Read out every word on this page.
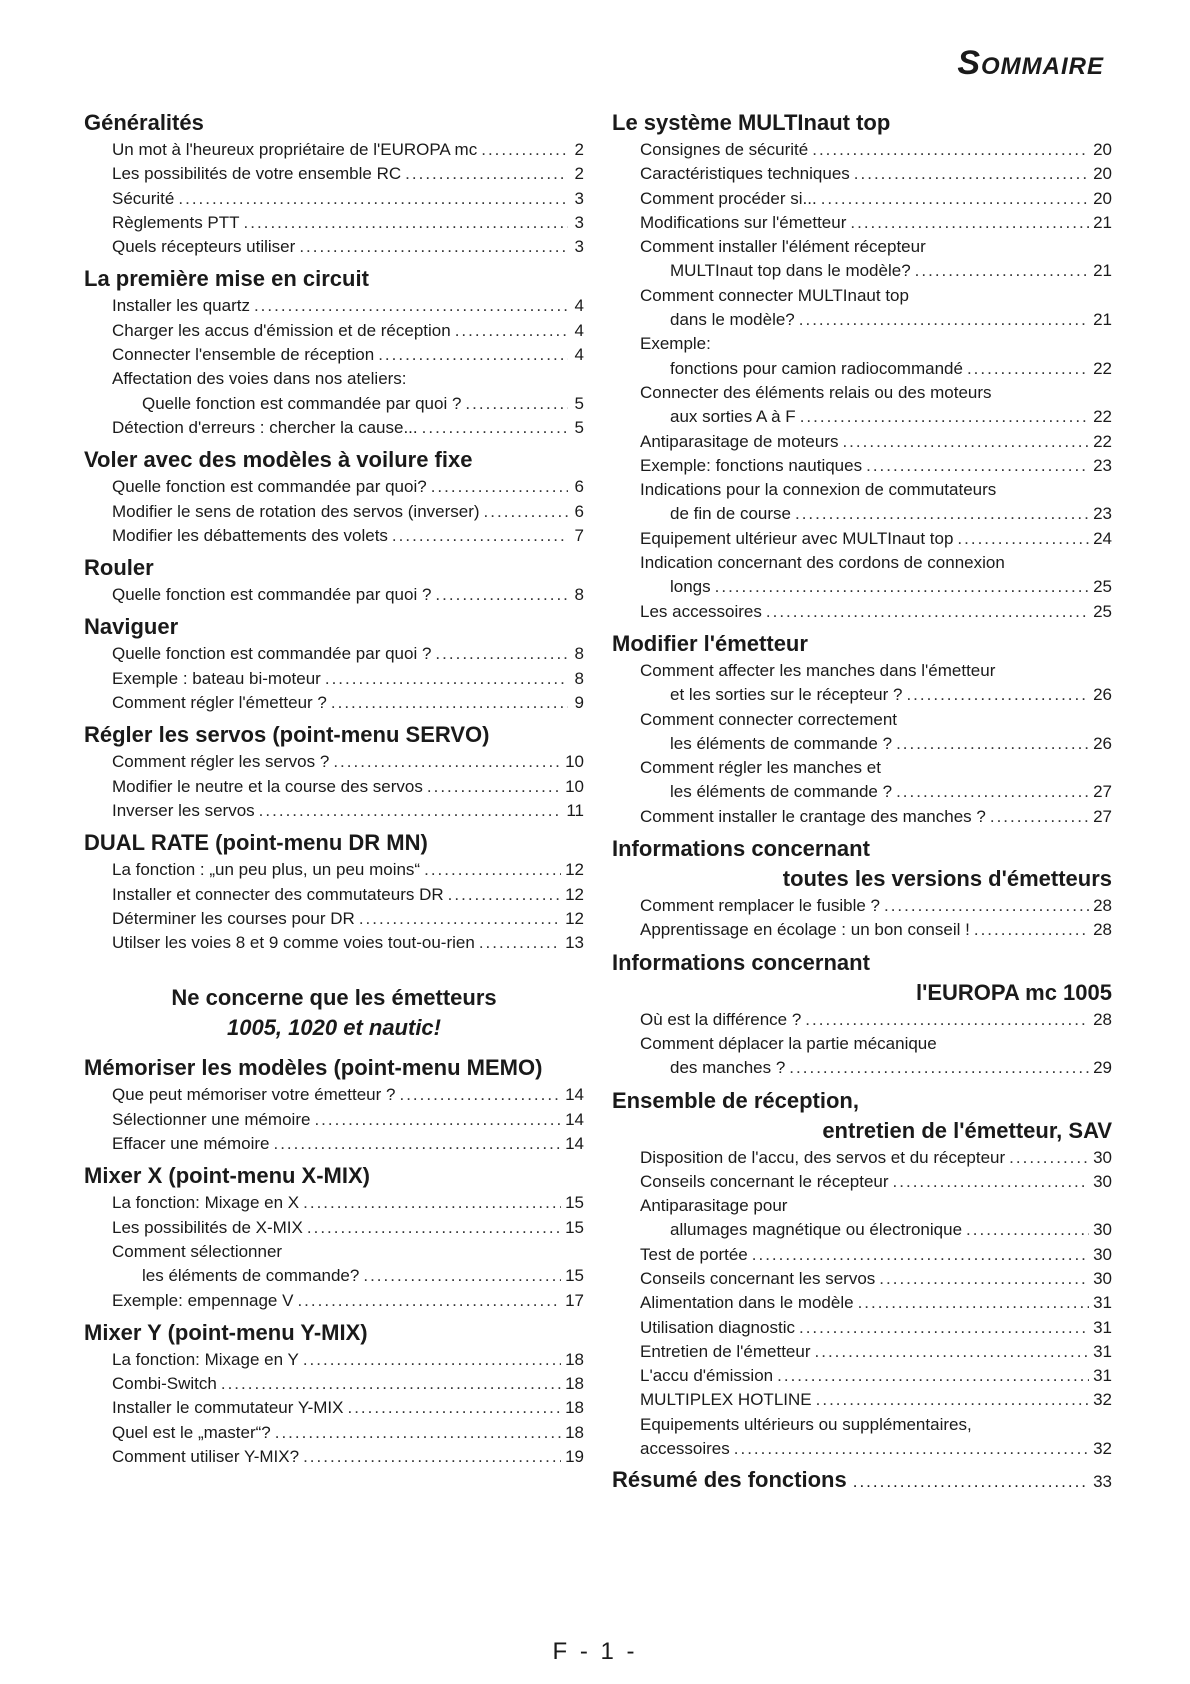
Sommaire
Généralités
Un mot à l'heureux propriétaire de l'EUROPA mc .....	2
Les possibilités de votre ensemble RC .....	2
Sécurité .....	3
Règlements PTT .....	3
Quels récepteurs utiliser .....	3
La première mise en circuit
Installer les quartz .....	4
Charger les accus d'émission et de réception .....	4
Connecter l'ensemble de réception .....	4
Affectation des voies dans nos ateliers:
Quelle fonction est commandée par quoi ? .....	5
Détection d'erreurs : chercher la cause... .....	5
Voler avec des modèles à voilure fixe
Quelle fonction est commandée par quoi? .....	6
Modifier le sens de rotation des servos (inverser) .....	6
Modifier les débattements des volets .....	7
Rouler
Quelle fonction est commandée par quoi ? .....	8
Naviguer
Quelle fonction est commandée par quoi ? .....	8
Exemple : bateau bi-moteur .....	8
Comment régler l'émetteur ? .....	9
Régler les servos (point-menu SERVO)
Comment régler les servos ? .....	10
Modifier le neutre et la course des servos .....	10
Inverser les servos .....	11
DUAL RATE (point-menu DR MN)
La fonction : „un peu plus, un peu moins“ .....	12
Installer et connecter des commutateurs DR .....	12
Déterminer les courses pour DR .....	12
Utilser les voies 8 et 9 comme voies tout-ou-rien .....	13
Ne concerne que les émetteurs
1005, 1020 et nautic!
Mémoriser les modèles (point-menu MEMO)
Que peut mémoriser votre émetteur ? .....	14
Sélectionner une mémoire .....	14
Effacer une mémoire .....	14
Mixer X (point-menu X-MIX)
La fonction: Mixage en X .....	15
Les possibilités de X-MIX .....	15
Comment sélectionner
les éléments de commande? .....	15
Exemple: empennage V .....	17
Mixer Y (point-menu Y-MIX)
La fonction: Mixage en Y .....	18
Combi-Switch .....	18
Installer le commutateur Y-MIX .....	18
Quel est le „master“? .....	18
Comment utiliser Y-MIX? .....	19
Le système MULTInaut top
Consignes de sécurité .....	20
Caractéristiques techniques .....	20
Comment procéder si... .....	20
Modifications sur l'émetteur .....	21
Comment installer l'élément récepteur
MULTInaut top dans le modèle? .....	21
Comment connecter MULTInaut top
dans le modèle? .....	21
Exemple:
fonctions pour camion radiocommandé .....	22
Connecter des éléments relais ou des moteurs
aux sorties A à F .....	22
Antiparasitage de moteurs .....	22
Exemple: fonctions nautiques .....	23
Indications pour la connexion de commutateurs
de fin de course .....	23
Equipement ultérieur avec MULTInaut top .....	24
Indication concernant des cordons de connexion
longs .....	25
Les accessoires .....	25
Modifier l'émetteur
Comment affecter les manches dans l'émetteur
et les sorties sur le récepteur ? .....	26
Comment connecter correctement
les éléments de commande ? .....	26
Comment régler les manches et
les éléments de commande ? .....	27
Comment installer le crantage des manches ? .....	27
Informations concernant
toutes les versions d'émetteurs
Comment remplacer le fusible ? .....	28
Apprentissage en écolage : un bon conseil ! .....	28
Informations concernant
l'EUROPA mc 1005
Où est la différence ? .....	28
Comment déplacer la partie mécanique
des manches ? .....	29
Ensemble de réception,
entretien de l'émetteur, SAV
Disposition de l'accu, des servos et du récepteur .....	30
Conseils concernant le récepteur .....	30
Antiparasitage pour
allumages magnétique ou électronique .....	30
Test de portée .....	30
Conseils concernant les servos .....	30
Alimentation dans le modèle .....	31
Utilisation diagnostic .....	31
Entretien de l'émetteur .....	31
L'accu d'émission .....	31
MULTIPLEX HOTLINE .....	32
Equipements ultérieurs ou supplémentaires,
accessoires .....	32
Résumé des fonctions .....	33
F - 1 -
